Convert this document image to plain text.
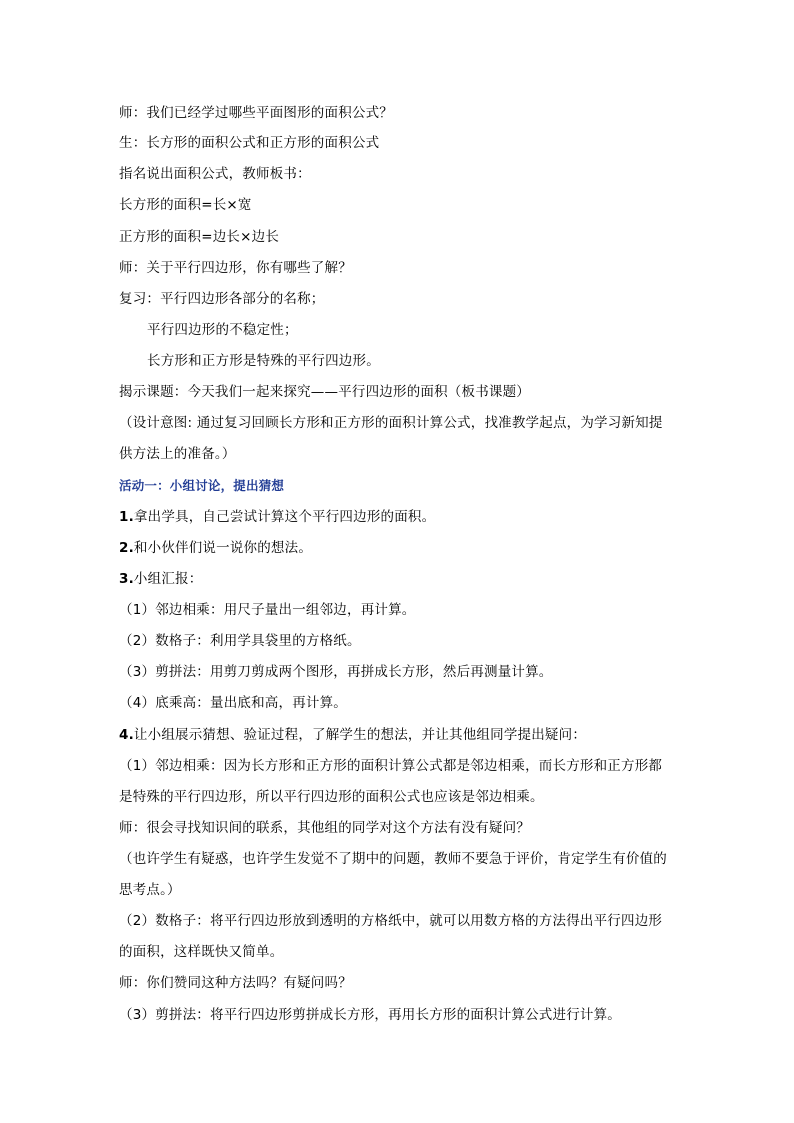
师：我们已经学过哪些平面图形的面积公式？
生：长方形的面积公式和正方形的面积公式
指名说出面积公式，教师板书：
长方形的面积=长×宽
正方形的面积=边长×边长
师：关于平行四边形，你有哪些了解？
复习：平行四边形各部分的名称；
平行四边形的不稳定性；
长方形和正方形是特殊的平行四边形。
揭示课题：今天我们一起来探究——平行四边形的面积（板书课题）
（设计意图: 通过复习回顾长方形和正方形的面积计算公式，找准教学起点，为学习新知提
供方法上的准备。）
活动一：小组讨论，提出猜想
1.拿出学具，自己尝试计算这个平行四边形的面积。
2.和小伙伴们说一说你的想法。
3.小组汇报：
（1）邻边相乘：用尺子量出一组邻边，再计算。
（2）数格子：利用学具袋里的方格纸。
（3）剪拼法：用剪刀剪成两个图形，再拼成长方形，然后再测量计算。
（4）底乘高：量出底和高，再计算。
4.让小组展示猜想、验证过程，了解学生的想法，并让其他组同学提出疑问：
（1）邻边相乘：因为长方形和正方形的面积计算公式都是邻边相乘，而长方形和正方形都
是特殊的平行四边形，所以平行四边形的面积公式也应该是邻边相乘。
师：很会寻找知识间的联系，其他组的同学对这个方法有没有疑问？
（也许学生有疑惑，也许学生发觉不了期中的问题，教师不要急于评价，肯定学生有价值的
思考点。）
（2）数格子：将平行四边形放到透明的方格纸中，就可以用数方格的方法得出平行四边形
的面积，这样既快又简单。
师：你们赞同这种方法吗？有疑问吗？
（3）剪拼法：将平行四边形剪拼成长方形，再用长方形的面积计算公式进行计算。
